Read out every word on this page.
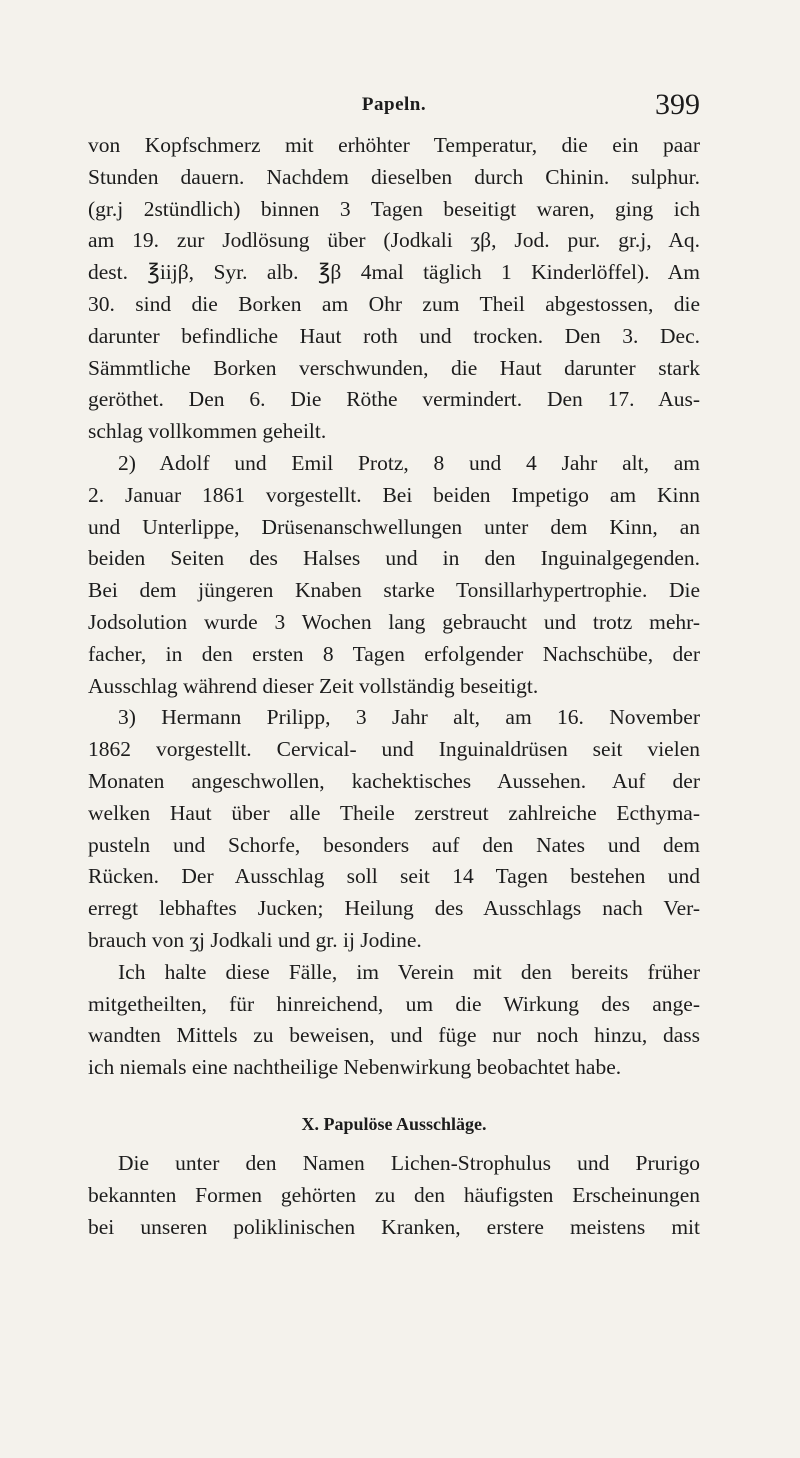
Papeln.	399
von Kopfschmerz mit erhöhter Temperatur, die ein paar
Stunden dauern. Nachdem dieselben durch Chinin. sulphur.
(gr.j 2stündlich) binnen 3 Tagen beseitigt waren, ging ich
am 19. zur Jodlösung über (Jodkali ʒβ, Jod. pur. gr.j, Aq.
dest. ℥iijβ, Syr. alb. ℥β 4mal täglich 1 Kinderlöffel). Am
30. sind die Borken am Ohr zum Theil abgestossen, die
darunter befindliche Haut roth und trocken. Den 3. Dec.
Sämmtliche Borken verschwunden, die Haut darunter stark
geröthet. Den 6. Die Röthe vermindert. Den 17. Aus-
schlag vollkommen geheilt.
2) Adolf und Emil Protz, 8 und 4 Jahr alt, am
2. Januar 1861 vorgestellt. Bei beiden Impetigo am Kinn
und Unterlippe, Drüsenanschwellungen unter dem Kinn, an
beiden Seiten des Halses und in den Inguinalgegenden.
Bei dem jüngeren Knaben starke Tonsillarhypertrophie. Die
Jodsolution wurde 3 Wochen lang gebraucht und trotz mehr-
facher, in den ersten 8 Tagen erfolgender Nachschübe, der
Ausschlag während dieser Zeit vollständig beseitigt.
3) Hermann Prilipp, 3 Jahr alt, am 16. November
1862 vorgestellt. Cervical- und Inguinaldrüsen seit vielen
Monaten angeschwollen, kachektisches Aussehen. Auf der
welken Haut über alle Theile zerstreut zahlreiche Ecthyma-
pusteln und Schorfe, besonders auf den Nates und dem
Rücken. Der Ausschlag soll seit 14 Tagen bestehen und
erregt lebhaftes Jucken; Heilung des Ausschlags nach Ver-
brauch von ʒj Jodkali und gr. ij Jodine.
Ich halte diese Fälle, im Verein mit den bereits früher
mitgetheilten, für hinreichend, um die Wirkung des ange-
wandten Mittels zu beweisen, und füge nur noch hinzu, dass
ich niemals eine nachtheilige Nebenwirkung beobachtet habe.
X. Papulöse Ausschläge.
Die unter den Namen Lichen-Strophulus und Prurigo
bekannten Formen gehörten zu den häufigsten Erscheinungen
bei unseren poliklinischen Kranken, erstere meistens mit
